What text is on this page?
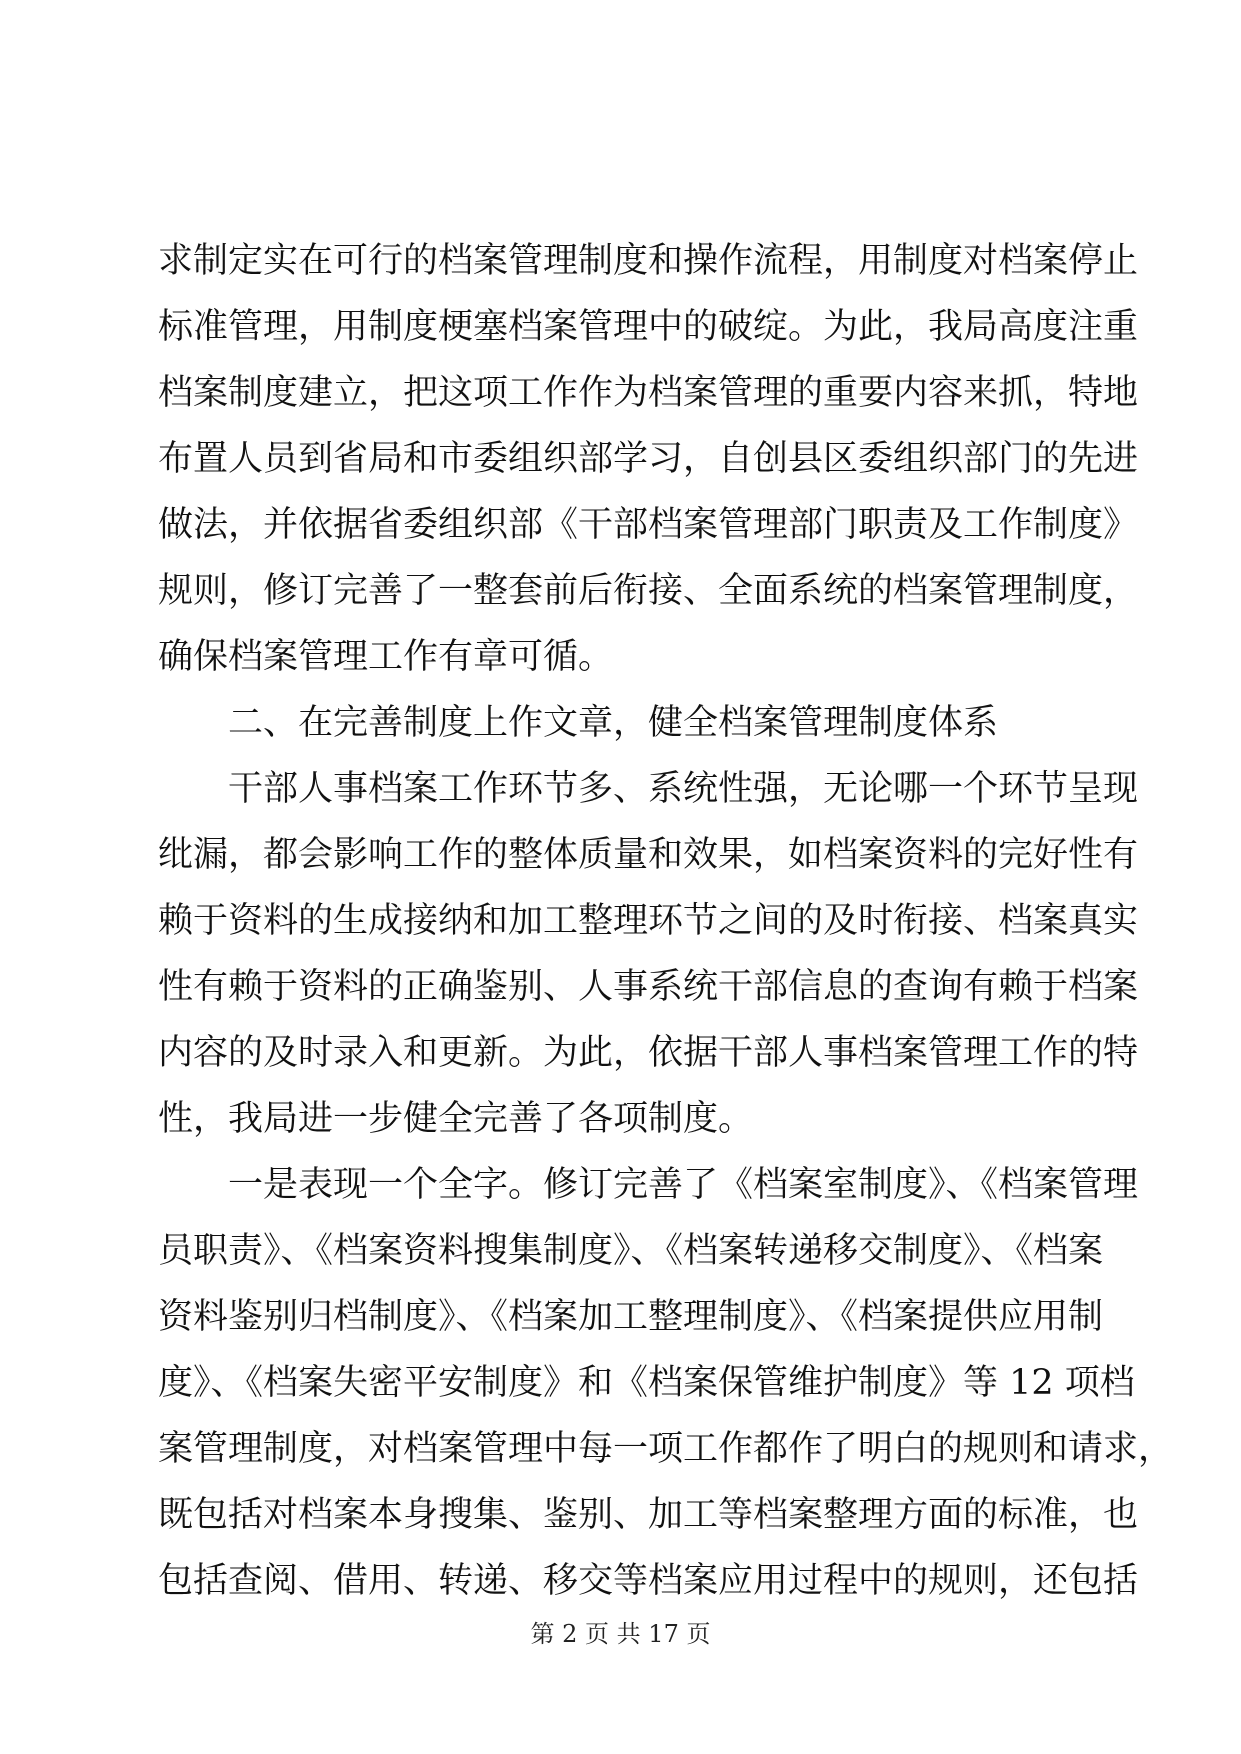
求制定实在可行的档案管理制度和操作流程，用制度对档案停止
标准管理，用制度梗塞档案管理中的破绽。为此，我局高度注重
档案制度建立，把这项工作作为档案管理的重要内容来抓，特地
布置人员到省局和市委组织部学习，自创县区委组织部门的先进
做法，并依据省委组织部《干部档案管理部门职责及工作制度》
规则，修订完善了一整套前后衔接、全面系统的档案管理制度，
确保档案管理工作有章可循。
二、在完善制度上作文章，健全档案管理制度体系
干部人事档案工作环节多、系统性强，无论哪一个环节呈现
纰漏，都会影响工作的整体质量和效果，如档案资料的完好性有
赖于资料的生成接纳和加工整理环节之间的及时衔接、档案真实
性有赖于资料的正确鉴别、人事系统干部信息的查询有赖于档案
内容的及时录入和更新。为此，依据干部人事档案管理工作的特
性，我局进一步健全完善了各项制度。
一是表现一个全字。修订完善了《档案室制度》、《档案管理
员职责》、《档案资料搜集制度》、《档案转递移交制度》、《档案
资料鉴别归档制度》、《档案加工整理制度》、《档案提供应用制
度》、《档案失密平安制度》和《档案保管维护制度》等 12 项档
案管理制度，对档案管理中每一项工作都作了明白的规则和请求，
既包括对档案本身搜集、鉴别、加工等档案整理方面的标准，也
包括查阅、借用、转递、移交等档案应用过程中的规则，还包括
第 2 页 共 17 页
